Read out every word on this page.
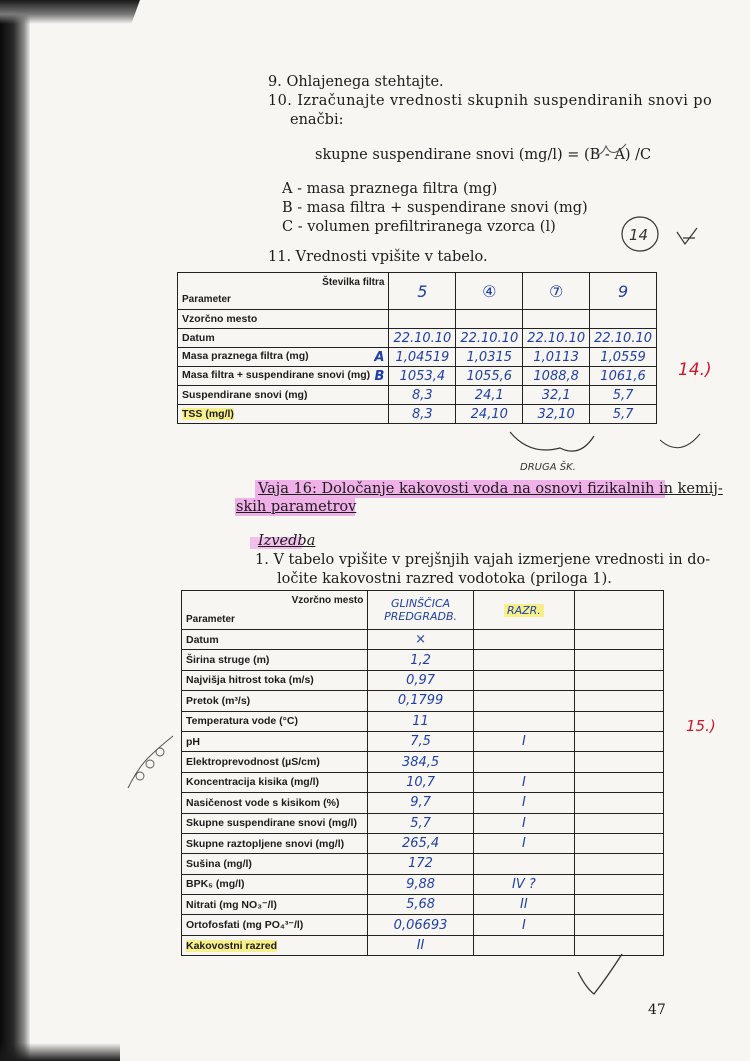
9. Ohlajenega stehtajte.
10. Izračunajte vrednosti skupnih suspendiranih snovi po
enačbi:
skupne suspendirane snovi (mg/l) = (B - A) /C
A - masa praznega filtra (mg)
B - masa filtra + suspendirane snovi (mg)
C - volumen prefiltriranega vzorca (l)	14
11. Vrednosti vpišite v tabelo.
Številka filtra
Parameter	5	④	⑦	9
Vzorčno mesto				
Datum	22.10.10	22.10.10	22.10.10	22.10.10
Masa praznega filtra (mg) A	1,04519	1,0315	1,0113	1,0559
Masa filtra + suspendirane snovi (mg) B	1053,4	1055,6	1088,8	1061,6
Suspendirane snovi (mg)	8,3	24,1	32,1	5,7
TSS (mg/l)	8,3	24,10	32,10	5,7
14.)
DRUGA ŠK.
Vaja 16: Določanje kakovosti voda na osnovi fizikalnih in kemij-
skih parametrov
Izvedba
1. V tabelo vpišite v prejšnjih vajah izmerjene vrednosti in do-
ločite kakovostni razred vodotoka (priloga 1).
Vzorčno mesto
Parameter	GLINŠČICA PREDGRADB.	RAZR.	
Datum	×		
Širina struge (m)	1,2		
Najvišja hitrost toka (m/s)	0,97		
Pretok (m³/s)	0,1799		
Temperatura vode (°C)	11		
pH	7,5	I	
Elektroprevodnost (µS/cm)	384,5		
Koncentracija kisika (mg/l)	10,7	I	
Nasičenost vode s kisikom (%)	9,7	I	
Skupne suspendirane snovi (mg/l)	5,7	I	
Skupne raztopljene snovi (mg/l)	265,4	I	
Sušina (mg/l)	172		
BPK₅ (mg/l)	9,88	IV ?	
Nitrati (mg NO₃⁻/l)	5,68	II	
Ortofosfati (mg PO₄³⁻/l)	0,06693	I	
Kakovostni razred	II		
15.)
47
